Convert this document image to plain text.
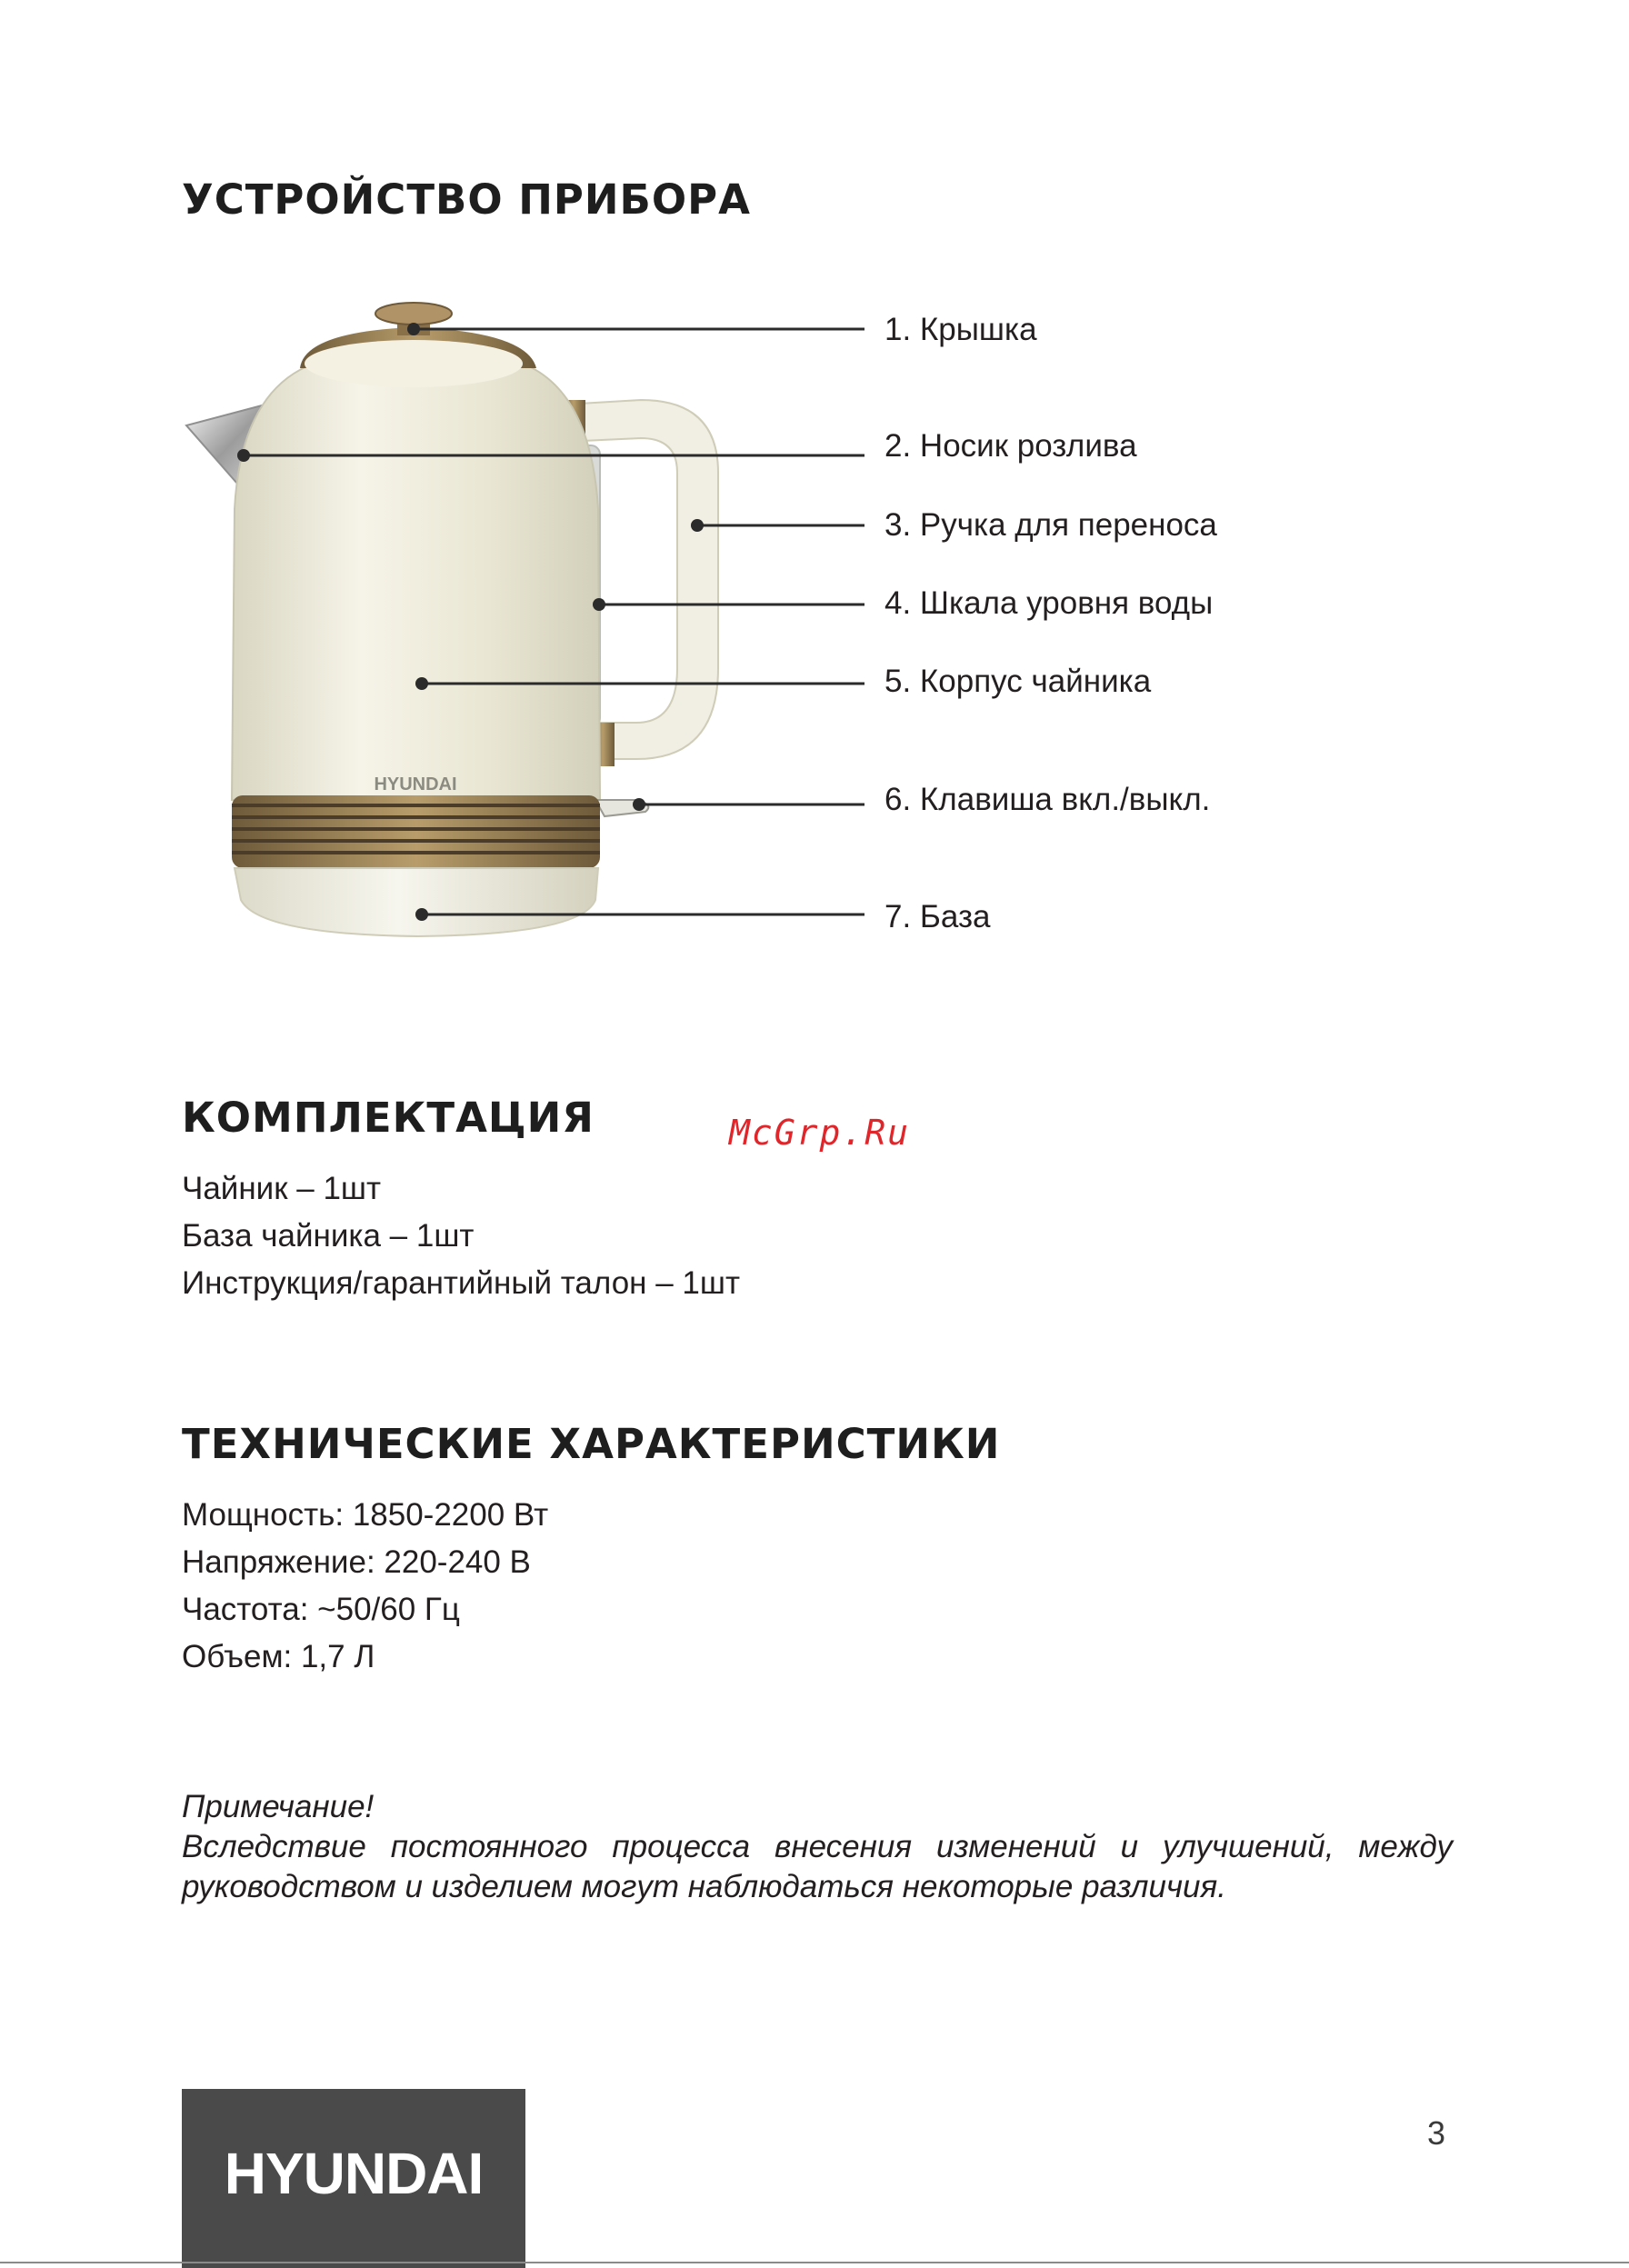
УСТРОЙСТВО ПРИБОРА
HYUNDAI
1. Крышка
2. Носик розлива
3. Ручка для переноса
4. Шкала уровня воды
5. Корпус чайника
6. Клавиша вкл./выкл.
7. База
КОМПЛЕКТАЦИЯ	McGrp.Ru
Чайник – 1шт
База чайника – 1шт
Инструкция/гарантийный талон – 1шт
ТЕХНИЧЕСКИЕ ХАРАКТЕРИСТИКИ
Мощность: 1850-2200 Вт
Напряжение: 220-240 В
Частота: ~50/60 Гц
Объем: 1,7 Л

Примечание!

Вследствие постоянного процесса внесения изменений и улучшений, между руководством и изделием могут наблюдаться некоторые различия.

HYUNDAI
3
